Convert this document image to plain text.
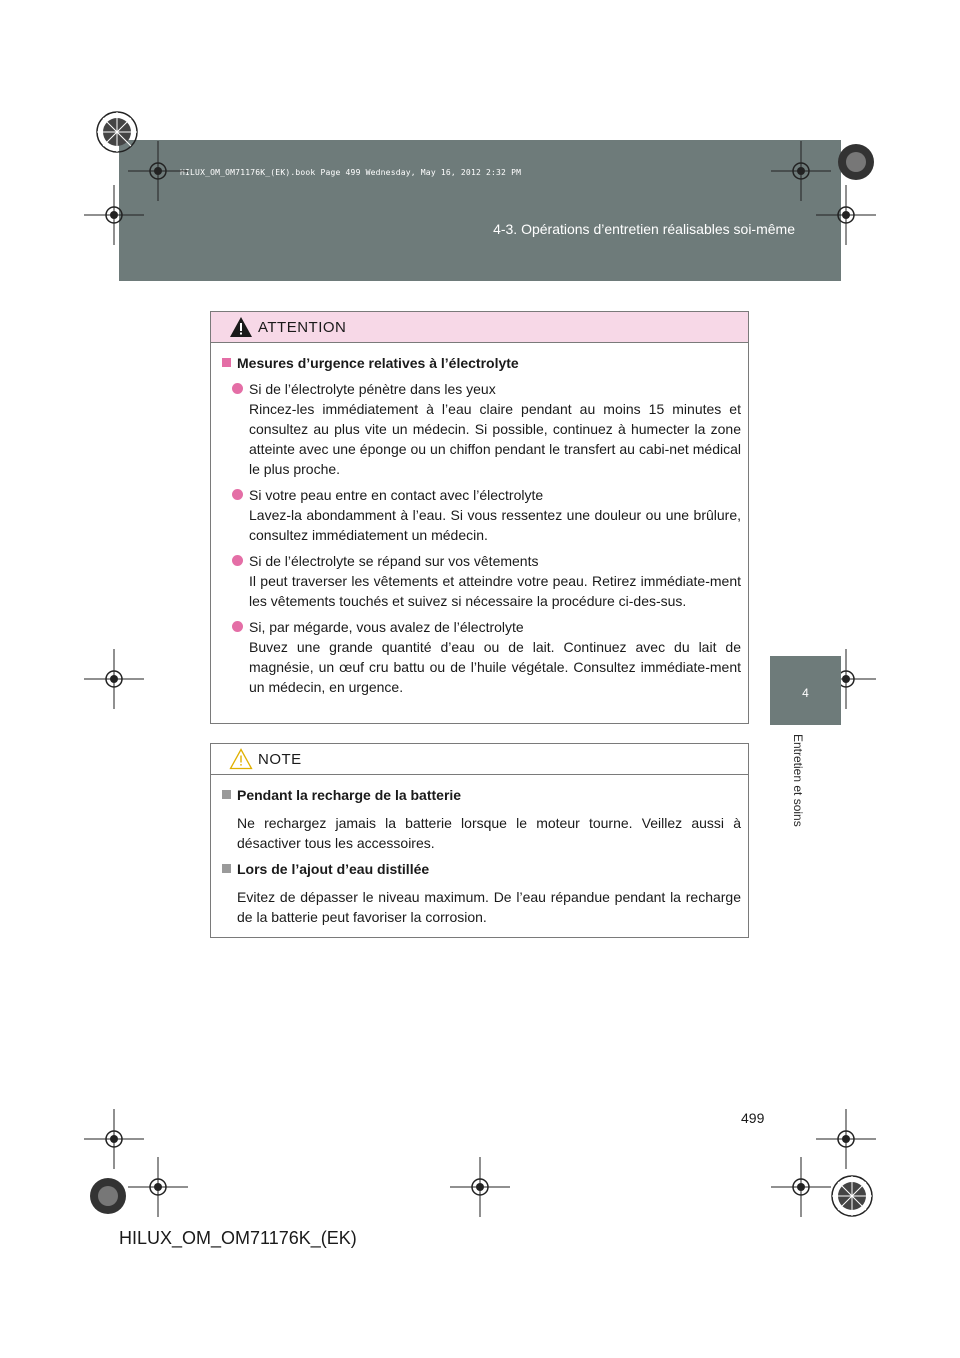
HILUX_OM_OM71176K_(EK).book Page 499 Wednesday, May 16, 2012 2:32 PM
4-3. Opérations d’entretien réalisables soi-même
4
Entretien et soins
ATTENTION
Mesures d’urgence relatives à l’électrolyte
Si de l’électrolyte pénètre dans les yeux
Rincez-les immédiatement à l’eau claire pendant au moins 15 minutes et consultez au plus vite un médecin. Si possible, continuez à humecter la zone atteinte avec une éponge ou un chiffon pendant le transfert au cabi-net médical le plus proche.
Si votre peau entre en contact avec l’électrolyte
Lavez-la abondamment à l’eau. Si vous ressentez une douleur ou une brûlure, consultez immédiatement un médecin.
Si de l’électrolyte se répand sur vos vêtements
Il peut traverser les vêtements et atteindre votre peau. Retirez immédiate-ment les vêtements touchés et suivez si nécessaire la procédure ci-des-sus.
Si, par mégarde, vous avalez de l’électrolyte
Buvez une grande quantité d’eau ou de lait. Continuez avec du lait de magnésie, un œuf cru battu ou de l’huile végétale. Consultez immédiate-ment un médecin, en urgence.
NOTE
Pendant la recharge de la batterie
Ne rechargez jamais la batterie lorsque le moteur tourne. Veillez aussi à désactiver tous les accessoires.
Lors de l’ajout d’eau distillée
Evitez de dépasser le niveau maximum. De l’eau répandue pendant la recharge de la batterie peut favoriser la corrosion.
499
HILUX_OM_OM71176K_(EK)
